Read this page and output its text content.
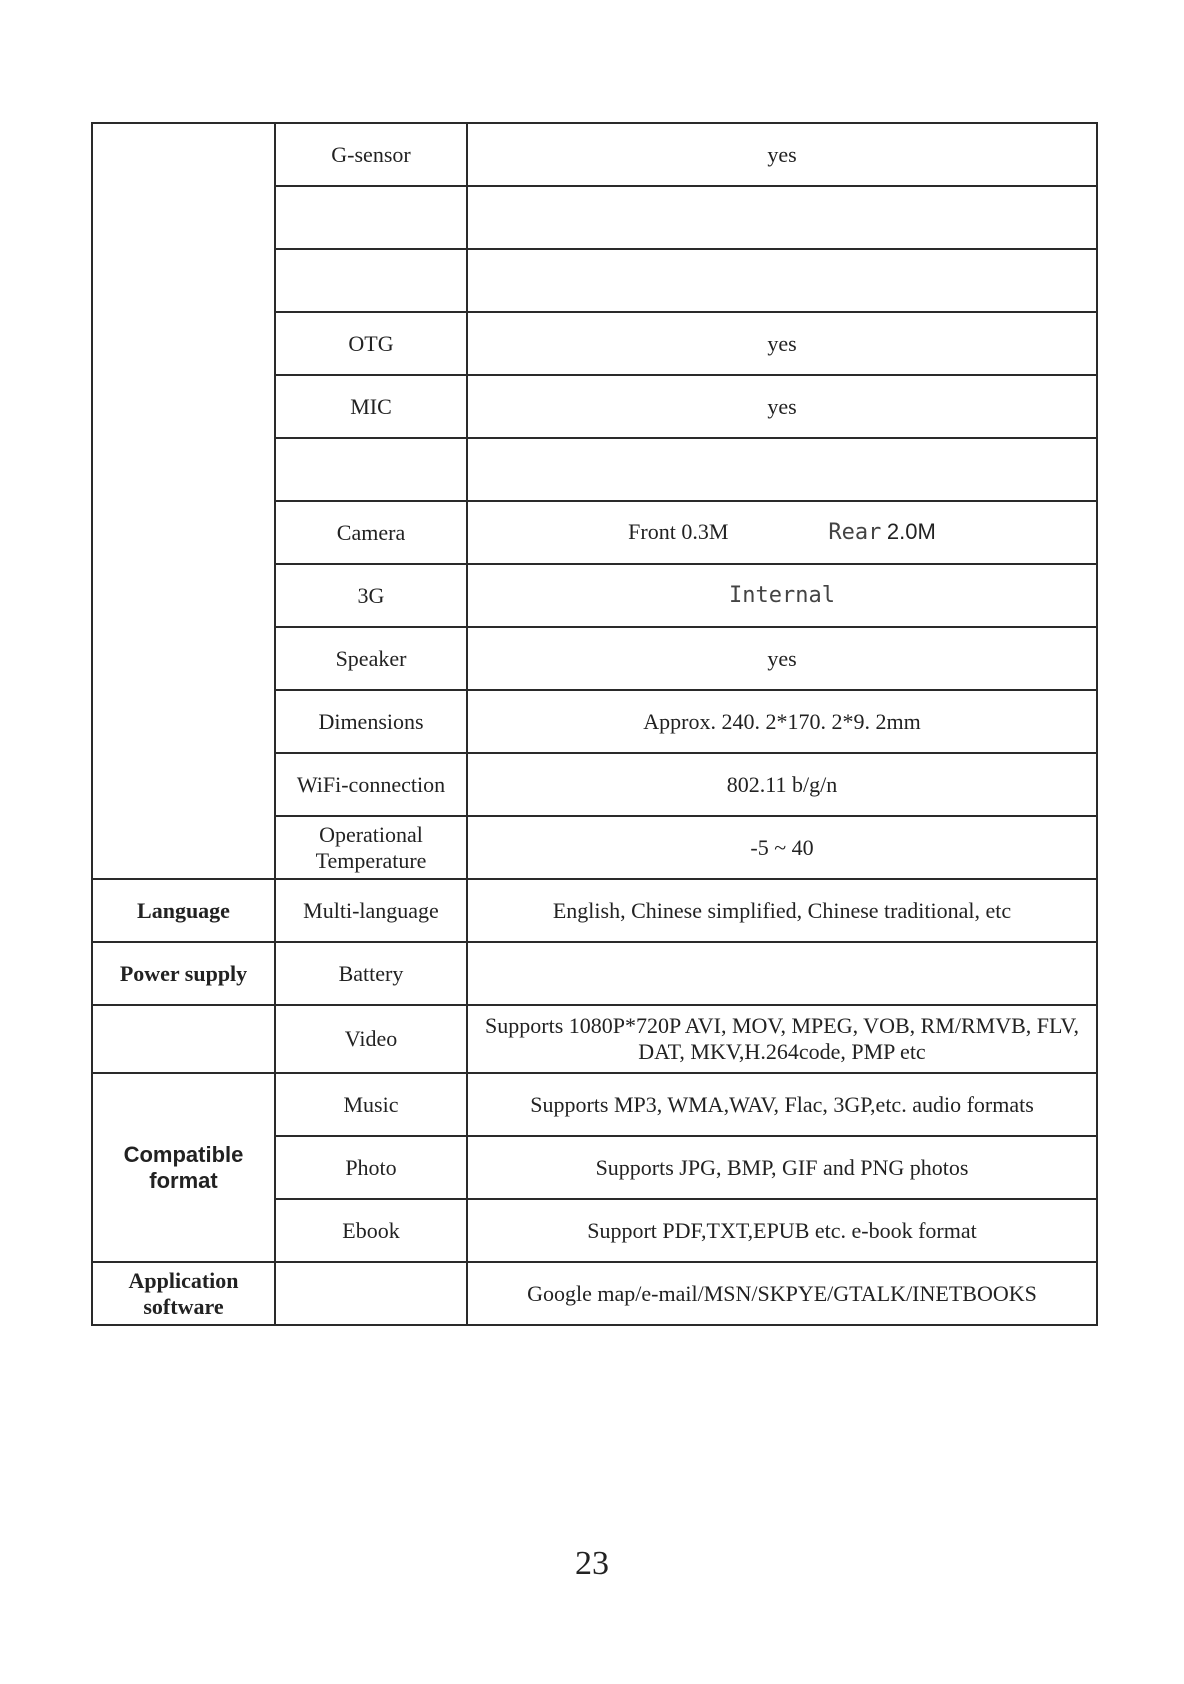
	G-sensor	yes

	OTG	yes
	MIC	yes

	Camera	Front 0.3M Rear 2.0M
	3G	Internal
	Speaker	yes
	Dimensions	Approx. 240. 2*170. 2*9. 2mm
	WiFi-connection	802.11 b/g/n
	Operational Temperature	-5 ~ 40
Language	Multi-language	English, Chinese simplified, Chinese traditional, etc
Power supply	Battery	
	Video	Supports 1080P*720P AVI, MOV, MPEG, VOB, RM/RMVB, FLV, DAT, MKV,H.264code, PMP etc
Compatible format	Music	Supports MP3, WMA,WAV, Flac, 3GP,etc. audio formats
	Photo	Supports JPG, BMP, GIF and PNG photos
	Ebook	Support PDF,TXT,EPUB etc. e-book format
Application software		Google map/e-mail/MSN/SKPYE/GTALK/INETBOOKS
23
